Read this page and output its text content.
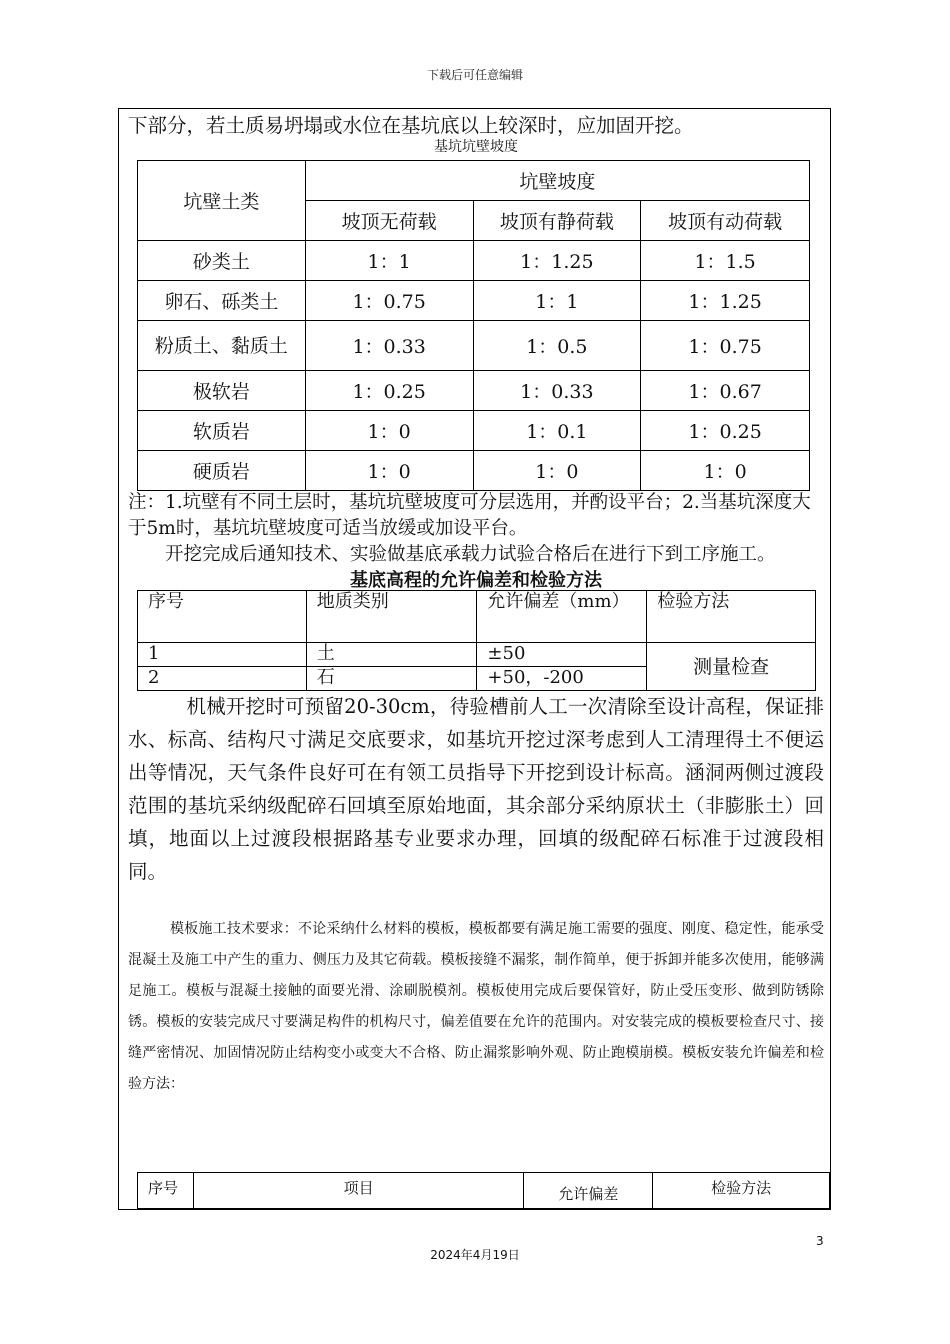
下载后可任意编辑

下部分，若土质易坍塌或水位在基坑底以上较深时，应加固开挖。

基坑坑壁坡度
坑壁土类	坑壁坡度		
	坡顶无荷载	坡顶有静荷载	坡顶有动荷载
砂类土	1：1	1：1.25	1：1.5
卵石、砾类土	1：0.75	1：1	1：1.25
粉质土、黏质土	1：0.33	1：0.5	1：0.75
极软岩	1：0.25	1：0.33	1：0.67
软质岩	1：0	1：0.1	1：0.25
硬质岩	1：0	1：0	1：0

注：1.坑壁有不同土层时，基坑坑壁坡度可分层选用，并酌设平台；2.当基坑深度大于5m时，基坑坑壁坡度可适当放缓或加设平台。

开挖完成后通知技术、实验做基底承载力试验合格后在进行下到工序施工。

基底高程的允许偏差和检验方法
序号	地质类别	允许偏差（mm）	检验方法
1	土	±50	测量检查
2	石	+50，-200	

机械开挖时可预留20-30cm，待验槽前人工一次清除至设计高程，保证排水、标高、结构尺寸满足交底要求，如基坑开挖过深考虑到人工清理得土不便运出等情况，天气条件良好可在有领工员指导下开挖到设计标高。涵洞两侧过渡段范围的基坑采纳级配碎石回填至原始地面，其余部分采纳原状土（非膨胀土）回填，地面以上过渡段根据路基专业要求办理，回填的级配碎石标准于过渡段相同。

模板施工技术要求：不论采纳什么材料的模板，模板都要有满足施工需要的强度、刚度、稳定性，能承受混凝土及施工中产生的重力、侧压力及其它荷载。模板接缝不漏浆，制作简单，便于拆卸并能多次使用，能够满足施工。模板与混凝土接触的面要光滑、涂刷脱模剂。模板使用完成后要保管好，防止受压变形、做到防锈除锈。模板的安装完成尺寸要满足构件的机构尺寸，偏差值要在允许的范围内。对安装完成的模板要检查尺寸、接缝严密情况、加固情况防止结构变小或变大不合格、防止漏浆影响外观、防止跑模崩模。模板安装允许偏差和检验方法：

序号	项目	允许偏差	检验方法
3
2024年4月19日
